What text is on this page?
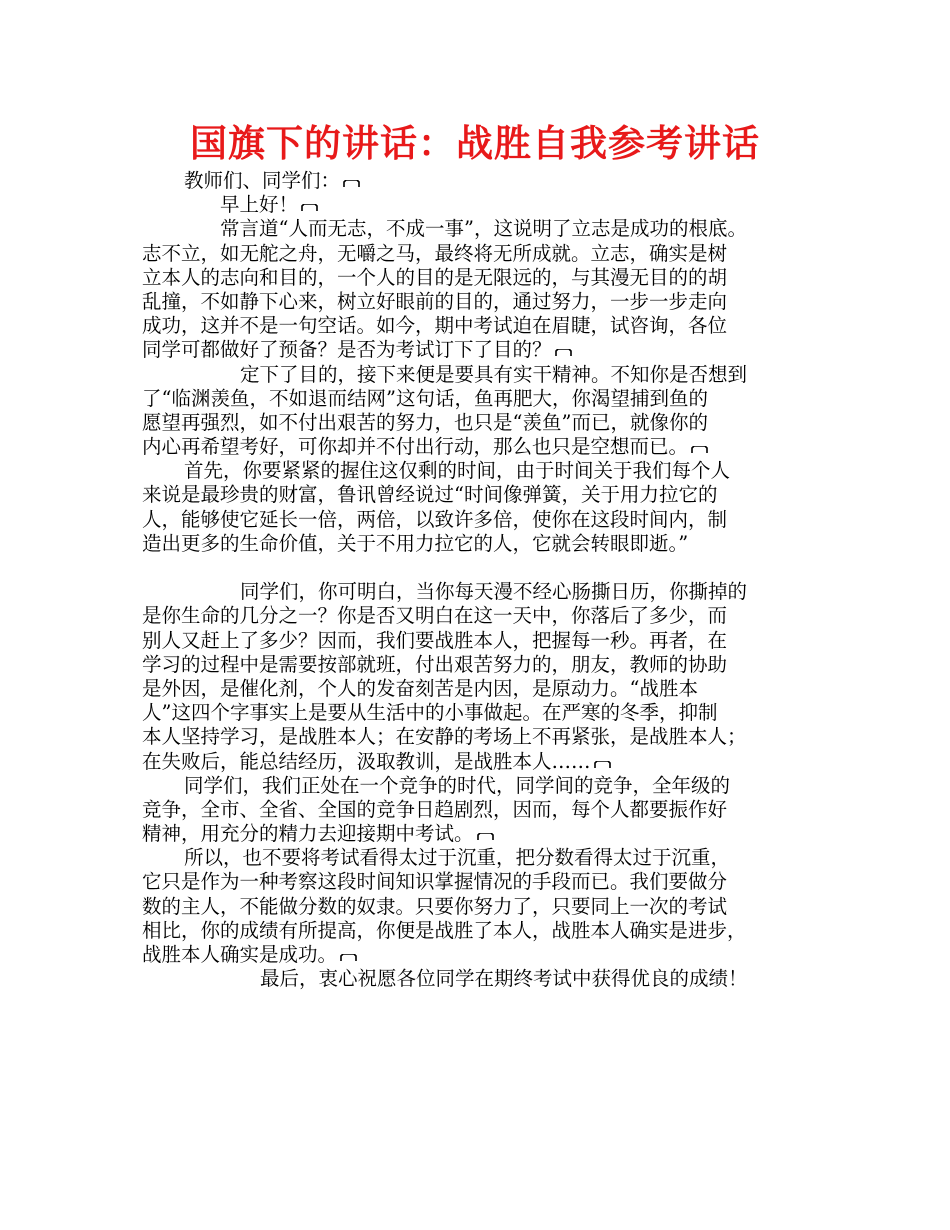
国旗下的讲话：战胜自我参考讲话
教师们、同学们：
早上好！
常言道“人而无志，不成一事”，这说明了立志是成功的根底。
志不立，如无舵之舟，无嚼之马，最终将无所成就。立志，确实是树
立本人的志向和目的，一个人的目的是无限远的，与其漫无目的的胡
乱撞，不如静下心来，树立好眼前的目的，通过努力，一步一步走向
成功，这并不是一句空话。如今，期中考试迫在眉睫，试咨询，各位
同学可都做好了预备？是否为考试订下了目的？
定下了目的，接下来便是要具有实干精神。不知你是否想到
了“临渊羡鱼，不如退而结网”这句话，鱼再肥大，你渴望捕到鱼的
愿望再强烈，如不付出艰苦的努力，也只是“羡鱼”而已，就像你的
内心再希望考好，可你却并不付出行动，那么也只是空想而已。
首先，你要紧紧的握住这仅剩的时间，由于时间关于我们每个人
来说是最珍贵的财富，鲁讯曾经说过“时间像弹簧，关于用力拉它的
人，能够使它延长一倍，两倍，以致许多倍，使你在这段时间内，制
造出更多的生命价值，关于不用力拉它的人，它就会转眼即逝。”
同学们，你可明白，当你每天漫不经心肠撕日历，你撕掉的
是你生命的几分之一？你是否又明白在这一天中，你落后了多少，而
别人又赶上了多少？因而，我们要战胜本人，把握每一秒。再者，在
学习的过程中是需要按部就班，付出艰苦努力的，朋友，教师的协助
是外因，是催化剂，个人的发奋刻苦是内因，是原动力。“战胜本
人”这四个字事实上是要从生活中的小事做起。在严寒的冬季，抑制
本人坚持学习，是战胜本人；在安静的考场上不再紧张，是战胜本人；
在失败后，能总结经历，汲取教训，是战胜本人……
同学们，我们正处在一个竞争的时代，同学间的竞争，全年级的
竞争，全市、全省、全国的竞争日趋剧烈，因而，每个人都要振作好
精神，用充分的精力去迎接期中考试。
所以，也不要将考试看得太过于沉重，把分数看得太过于沉重，
它只是作为一种考察这段时间知识掌握情况的手段而已。我们要做分
数的主人，不能做分数的奴隶。只要你努力了，只要同上一次的考试
相比，你的成绩有所提高，你便是战胜了本人，战胜本人确实是进步，
战胜本人确实是成功。
最后，衷心祝愿各位同学在期终考试中获得优良的成绩！
